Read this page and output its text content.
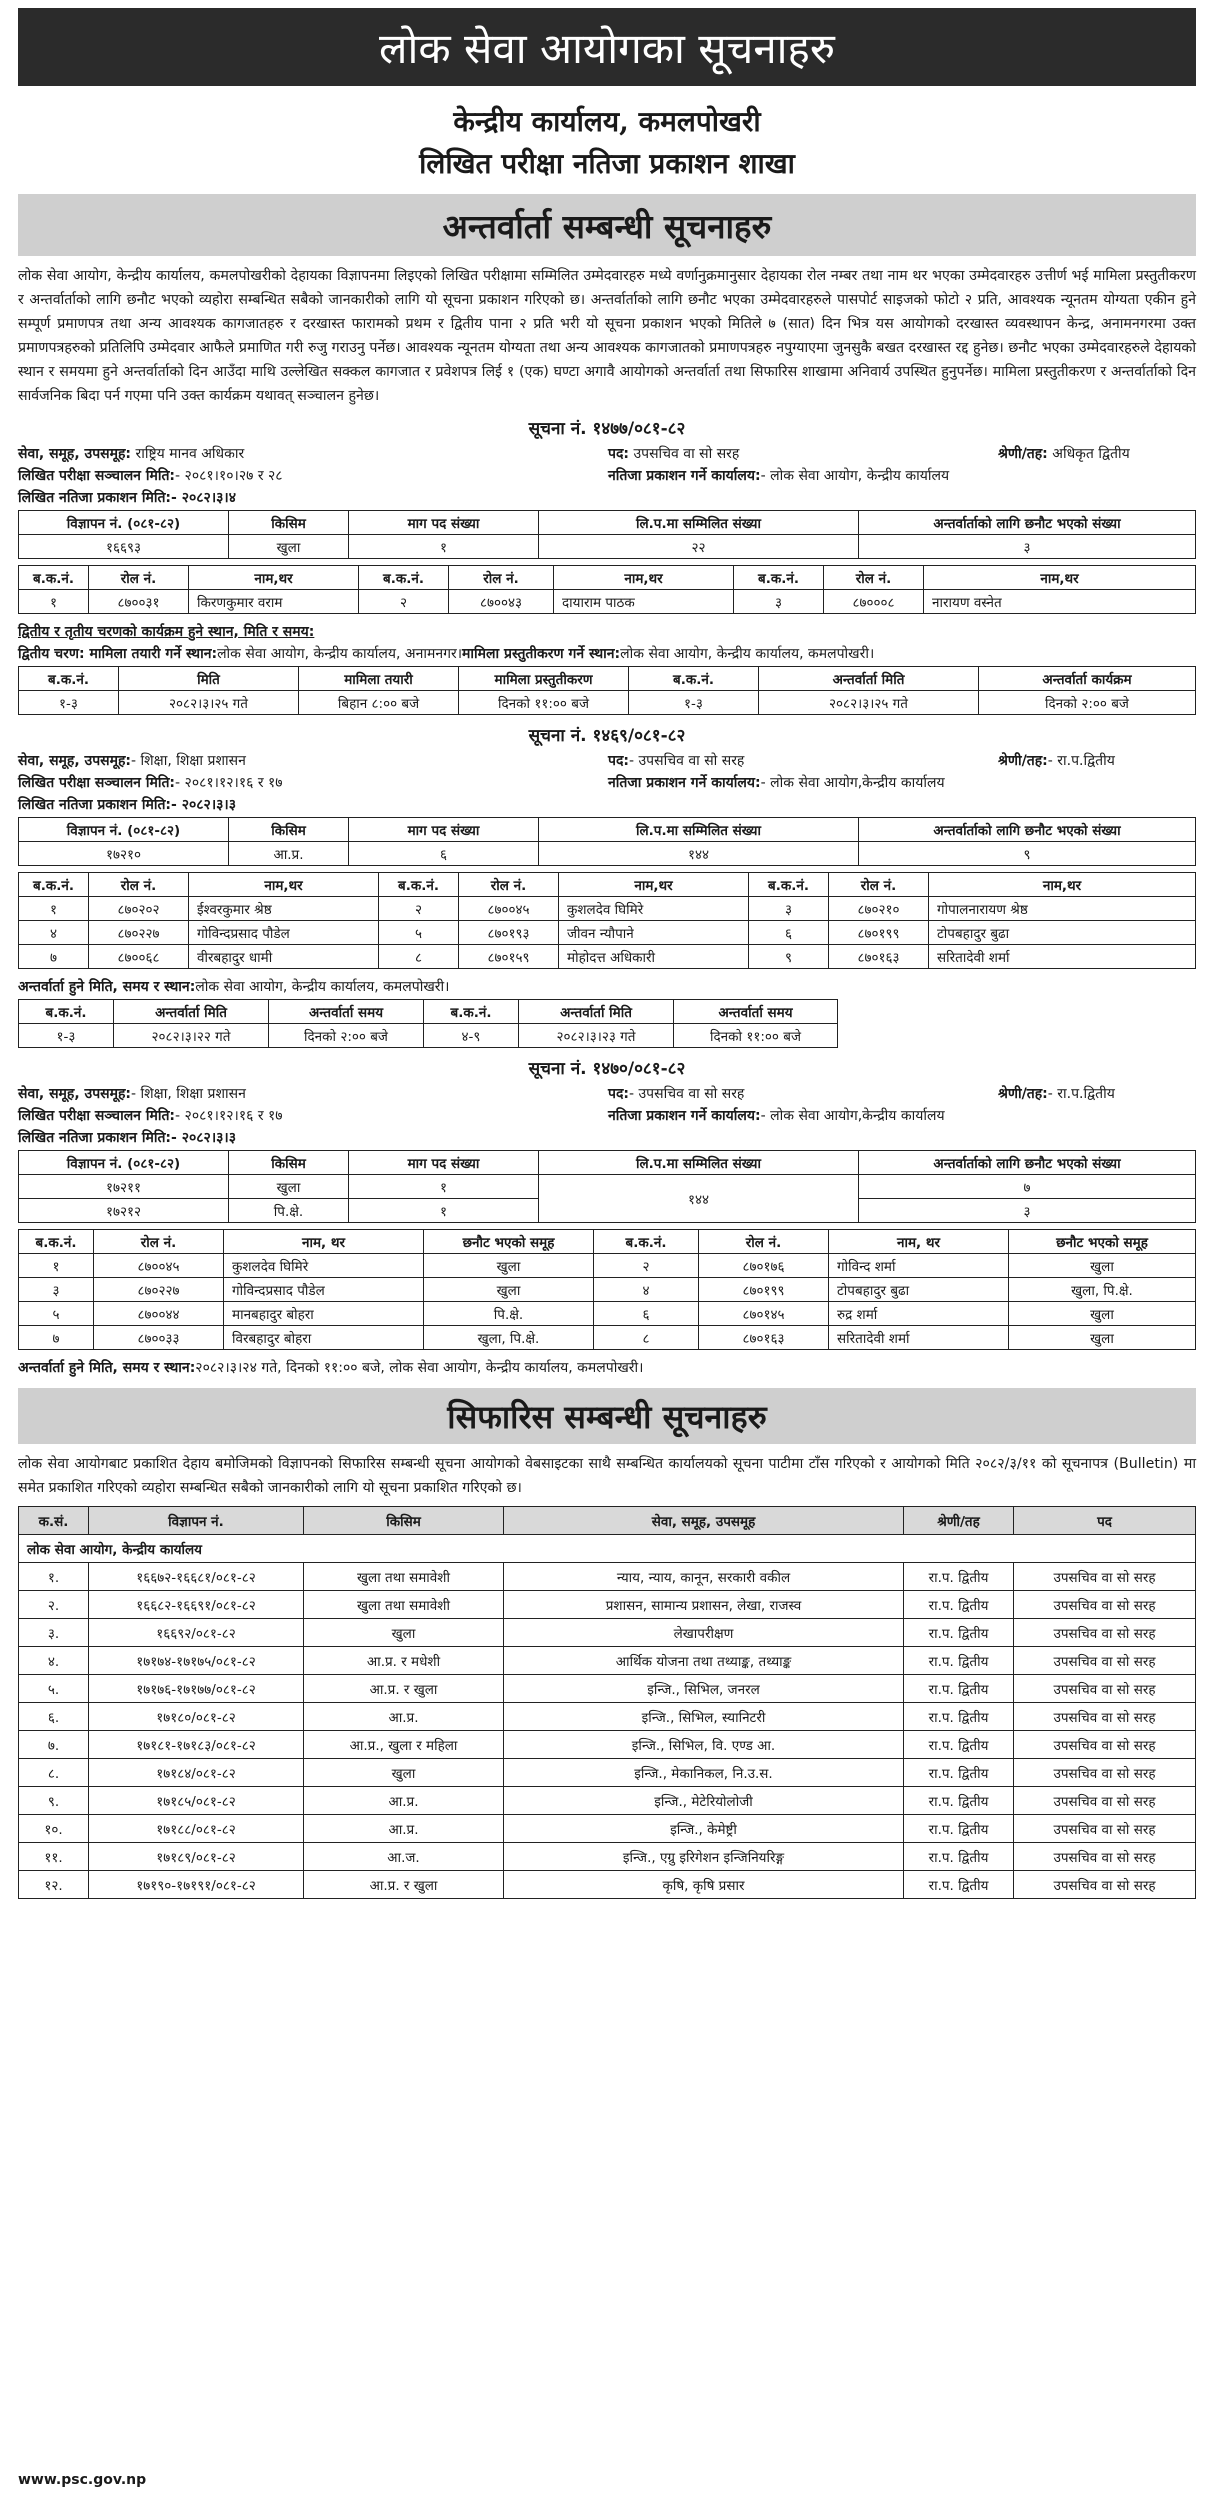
लोक सेवा आयोगका सूचनाहरु
केन्द्रीय कार्यालय, कमलपोखरी
लिखित परीक्षा नतिजा प्रकाशन शाखा
अन्तर्वार्ता सम्बन्धी सूचनाहरु
लोक सेवा आयोग, केन्द्रीय कार्यालय, कमलपोखरीको देहायका विज्ञापनमा लिइएको लिखित परीक्षामा सम्मिलित उम्मेदवारहरु मध्ये वर्णानुक्रमानुसार देहायका रोल नम्बर तथा नाम थर भएका उम्मेदवारहरु उत्तीर्ण भई मामिला प्रस्तुतीकरण र अन्तर्वार्ताको लागि छनौट भएको व्यहोरा सम्बन्धित सबैको जानकारीको लागि यो सूचना प्रकाशन गरिएको छ। अन्तर्वार्ताको लागि छनौट भएका उम्मेदवारहरुले पासपोर्ट साइजको फोटो २ प्रति, आवश्यक न्यूनतम योग्यता एकीन हुने सम्पूर्ण प्रमाणपत्र तथा अन्य आवश्यक कागजातहरु र दरखास्त फारामको प्रथम र द्वितीय पाना २ प्रति भरी यो सूचना प्रकाशन भएको मितिले ७ (सात) दिन भित्र यस आयोगको दरखास्त व्यवस्थापन केन्द्र, अनामनगरमा उक्त प्रमाणपत्रहरुको प्रतिलिपि उम्मेदवार आफैले प्रमाणित गरी रुजु गराउनु पर्नेछ। आवश्यक न्यूनतम योग्यता तथा अन्य आवश्यक कागजातको प्रमाणपत्रहरु नपुग्याएमा जुनसुकै बखत दरखास्त रद्द हुनेछ। छनौट भएका उम्मेदवारहरुले देहायको स्थान र समयमा हुने अन्तर्वार्ताको दिन आउँदा माथि उल्लेखित सक्कल कागजात र प्रवेशपत्र लिई १ (एक) घण्टा अगावै आयोगको अन्तर्वार्ता तथा सिफारिस शाखामा अनिवार्य उपस्थित हुनुपर्नेछ। मामिला प्रस्तुतीकरण र अन्तर्वार्ताको दिन सार्वजनिक बिदा पर्न गएमा पनि उक्त कार्यक्रम यथावत् सञ्चालन हुनेछ।
सूचना नं. १४७७/०८१-८२
सेवा, समूह, उपसमूह: राष्ट्रिय मानव अधिकार	पद: उपसचिव वा सो सरह	श्रेणी/तह: अधिकृत द्वितीय
लिखित परीक्षा सञ्चालन मिति:- २०८१।१०।२७ र २८	नतिजा प्रकाशन गर्ने कार्यालय:- लोक सेवा आयोग, केन्द्रीय कार्यालय
लिखित नतिजा प्रकाशन मिति:- २०८२।३।४
विज्ञापन नं. (०८१-८२)	किसिम	माग पद संख्या	लि.प.मा सम्मिलित संख्या	अन्तर्वार्ताको लागि छनौट भएको संख्या
१६६९३	खुला	१	२२	३
ब.क.नं.	रोल नं.	नाम,थर	ब.क.नं.	रोल नं.	नाम,थर	ब.क.नं.	रोल नं.	नाम,थर
१	८७००३१	किरणकुमार वराम	२	८७००४३	दायाराम पाठक	३	८७०००८	नारायण वस्नेत
द्वितीय र तृतीय चरणको कार्यक्रम हुने स्थान, मिति र समय:
द्वितीय चरण: मामिला तयारी गर्ने स्थान: लोक सेवा आयोग, केन्द्रीय कार्यालय, अनामनगर। मामिला प्रस्तुतीकरण गर्ने स्थान: लोक सेवा आयोग, केन्द्रीय कार्यालय, कमलपोखरी।
ब.क.नं.	मिति	मामिला तयारी	मामिला प्रस्तुतीकरण	ब.क.नं.	अन्तर्वार्ता मिति	अन्तर्वार्ता कार्यक्रम
१-३	२०८२।३।२५ गते	बिहान ८:०० बजे	दिनको ११:०० बजे	१-३	२०८२।३।२५ गते	दिनको २:०० बजे
सूचना नं. १४६९/०८१-८२
सेवा, समूह, उपसमूह:- शिक्षा, शिक्षा प्रशासन	पद:- उपसचिव वा सो सरह	श्रेणी/तह:- रा.प.द्वितीय
लिखित परीक्षा सञ्चालन मिति:- २०८१।१२।१६ र १७	नतिजा प्रकाशन गर्ने कार्यालय:- लोक सेवा आयोग,केन्द्रीय कार्यालय
लिखित नतिजा प्रकाशन मिति:- २०८२।३।३
विज्ञापन नं. (०८१-८२)	किसिम	माग पद संख्या	लि.प.मा सम्मिलित संख्या	अन्तर्वार्ताको लागि छनौट भएको संख्या
१७२१०	आ.प्र.	६	१४४	९
ब.क.नं.	रोल नं.	नाम,थर	ब.क.नं.	रोल नं.	नाम,थर	ब.क.नं.	रोल नं.	नाम,थर
१	८७०२०२	ईश्वरकुमार श्रेष्ठ	२	८७००४५	कुशलदेव घिमिरे	३	८७०२१०	गोपालनारायण श्रेष्ठ
४	८७०२२७	गोविन्दप्रसाद पौडेल	५	८७०१९३	जीवन न्यौपाने	६	८७०१९९	टोपबहादुर बुढा
७	८७००६८	वीरबहादुर धामी	८	८७०१५९	मोहोदत्त अधिकारी	९	८७०१६३	सरितादेवी शर्मा
अन्तर्वार्ता हुने मिति, समय र स्थान: लोक सेवा आयोग, केन्द्रीय कार्यालय, कमलपोखरी।
ब.क.नं.	अन्तर्वार्ता मिति	अन्तर्वार्ता समय	ब.क.नं.	अन्तर्वार्ता मिति	अन्तर्वार्ता समय
१-३	२०८२।३।२२ गते	दिनको २:०० बजे	४-९	२०८२।३।२३ गते	दिनको ११:०० बजे
सूचना नं. १४७०/०८१-८२
सेवा, समूह, उपसमूह:- शिक्षा, शिक्षा प्रशासन	पद:- उपसचिव वा सो सरह	श्रेणी/तह:- रा.प.द्वितीय
लिखित परीक्षा सञ्चालन मिति:- २०८१।१२।१६ र १७	नतिजा प्रकाशन गर्ने कार्यालय:- लोक सेवा आयोग,केन्द्रीय कार्यालय
लिखित नतिजा प्रकाशन मिति:- २०८२।३।३
विज्ञापन नं. (०८१-८२)	किसिम	माग पद संख्या	लि.प.मा सम्मिलित संख्या	अन्तर्वार्ताको लागि छनौट भएको संख्या
१७२११	खुला	१	१४४	७
१७२१२	पि.क्षे.	१		३
ब.क.नं.	रोल नं.	नाम, थर	छनौट भएको समूह	ब.क.नं.	रोल नं.	नाम, थर	छनौट भएको समूह
१	८७००४५	कुशलदेव घिमिरे	खुला	२	८७०१७६	गोविन्द शर्मा	खुला
३	८७०२२७	गोविन्दप्रसाद पौडेल	खुला	४	८७०१९९	टोपबहादुर बुढा	खुला, पि.क्षे.
५	८७००४४	मानबहादुर बोहरा	पि.क्षे.	६	८७०१४५	रुद्र शर्मा	खुला
७	८७००३३	विरबहादुर बोहरा	खुला, पि.क्षे.	८	८७०१६३	सरितादेवी शर्मा	खुला
अन्तर्वार्ता हुने मिति, समय र स्थान: २०८२।३।२४ गते, दिनको ११:०० बजे, लोक सेवा आयोग, केन्द्रीय कार्यालय, कमलपोखरी।
सिफारिस सम्बन्धी सूचनाहरु
लोक सेवा आयोगबाट प्रकाशित देहाय बमोजिमको विज्ञापनको सिफारिस सम्बन्धी सूचना आयोगको वेबसाइटका साथै सम्बन्धित कार्यालयको सूचना पाटीमा टाँस गरिएको र आयोगको मिति २०८२/३/११ को सूचनापत्र (Bulletin) मा समेत प्रकाशित गरिएको व्यहोरा सम्बन्धित सबैको जानकारीको लागि यो सूचना प्रकाशित गरिएको छ।
क.सं.	विज्ञापन नं.	किसिम	सेवा, समूह, उपसमूह	श्रेणी/तह	पद
लोक सेवा आयोग, केन्द्रीय कार्यालय					
१.	१६६७२-१६६८१/०८१-८२	खुला तथा समावेशी	न्याय, न्याय, कानून, सरकारी वकील	रा.प. द्वितीय	उपसचिव वा सो सरह
२.	१६६८२-१६६९१/०८१-८२	खुला तथा समावेशी	प्रशासन, सामान्य प्रशासन, लेखा, राजस्व	रा.प. द्वितीय	उपसचिव वा सो सरह
३.	१६६९२/०८१-८२	खुला	लेखापरीक्षण	रा.प. द्वितीय	उपसचिव वा सो सरह
४.	१७१७४-१७१७५/०८१-८२	आ.प्र. र मधेशी	आर्थिक योजना तथा तथ्याङ्क, तथ्याङ्क	रा.प. द्वितीय	उपसचिव वा सो सरह
५.	१७१७६-१७१७७/०८१-८२	आ.प्र. र खुला	इन्जि., सिभिल, जनरल	रा.प. द्वितीय	उपसचिव वा सो सरह
६.	१७१८०/०८१-८२	आ.प्र.	इन्जि., सिभिल, स्यानिटरी	रा.प. द्वितीय	उपसचिव वा सो सरह
७.	१७१८१-१७१८३/०८१-८२	आ.प्र., खुला र महिला	इन्जि., सिभिल, वि. एण्ड आ.	रा.प. द्वितीय	उपसचिव वा सो सरह
८.	१७१८४/०८१-८२	खुला	इन्जि., मेकानिकल, नि.उ.स.	रा.प. द्वितीय	उपसचिव वा सो सरह
९.	१७१८५/०८१-८२	आ.प्र.	इन्जि., मेटेरियोलोजी	रा.प. द्वितीय	उपसचिव वा सो सरह
१०.	१७१८८/०८१-८२	आ.प्र.	इन्जि., केमेष्ट्री	रा.प. द्वितीय	उपसचिव वा सो सरह
११.	१७१८९/०८१-८२	आ.ज.	इन्जि., एग्रु इरिगेशन इन्जिनियरिङ्ग	रा.प. द्वितीय	उपसचिव वा सो सरह
१२.	१७१९०-१७१९१/०८१-८२	आ.प्र. र खुला	कृषि, कृषि प्रसार	रा.प. द्वितीय	उपसचिव वा सो सरह
www.psc.gov.np
